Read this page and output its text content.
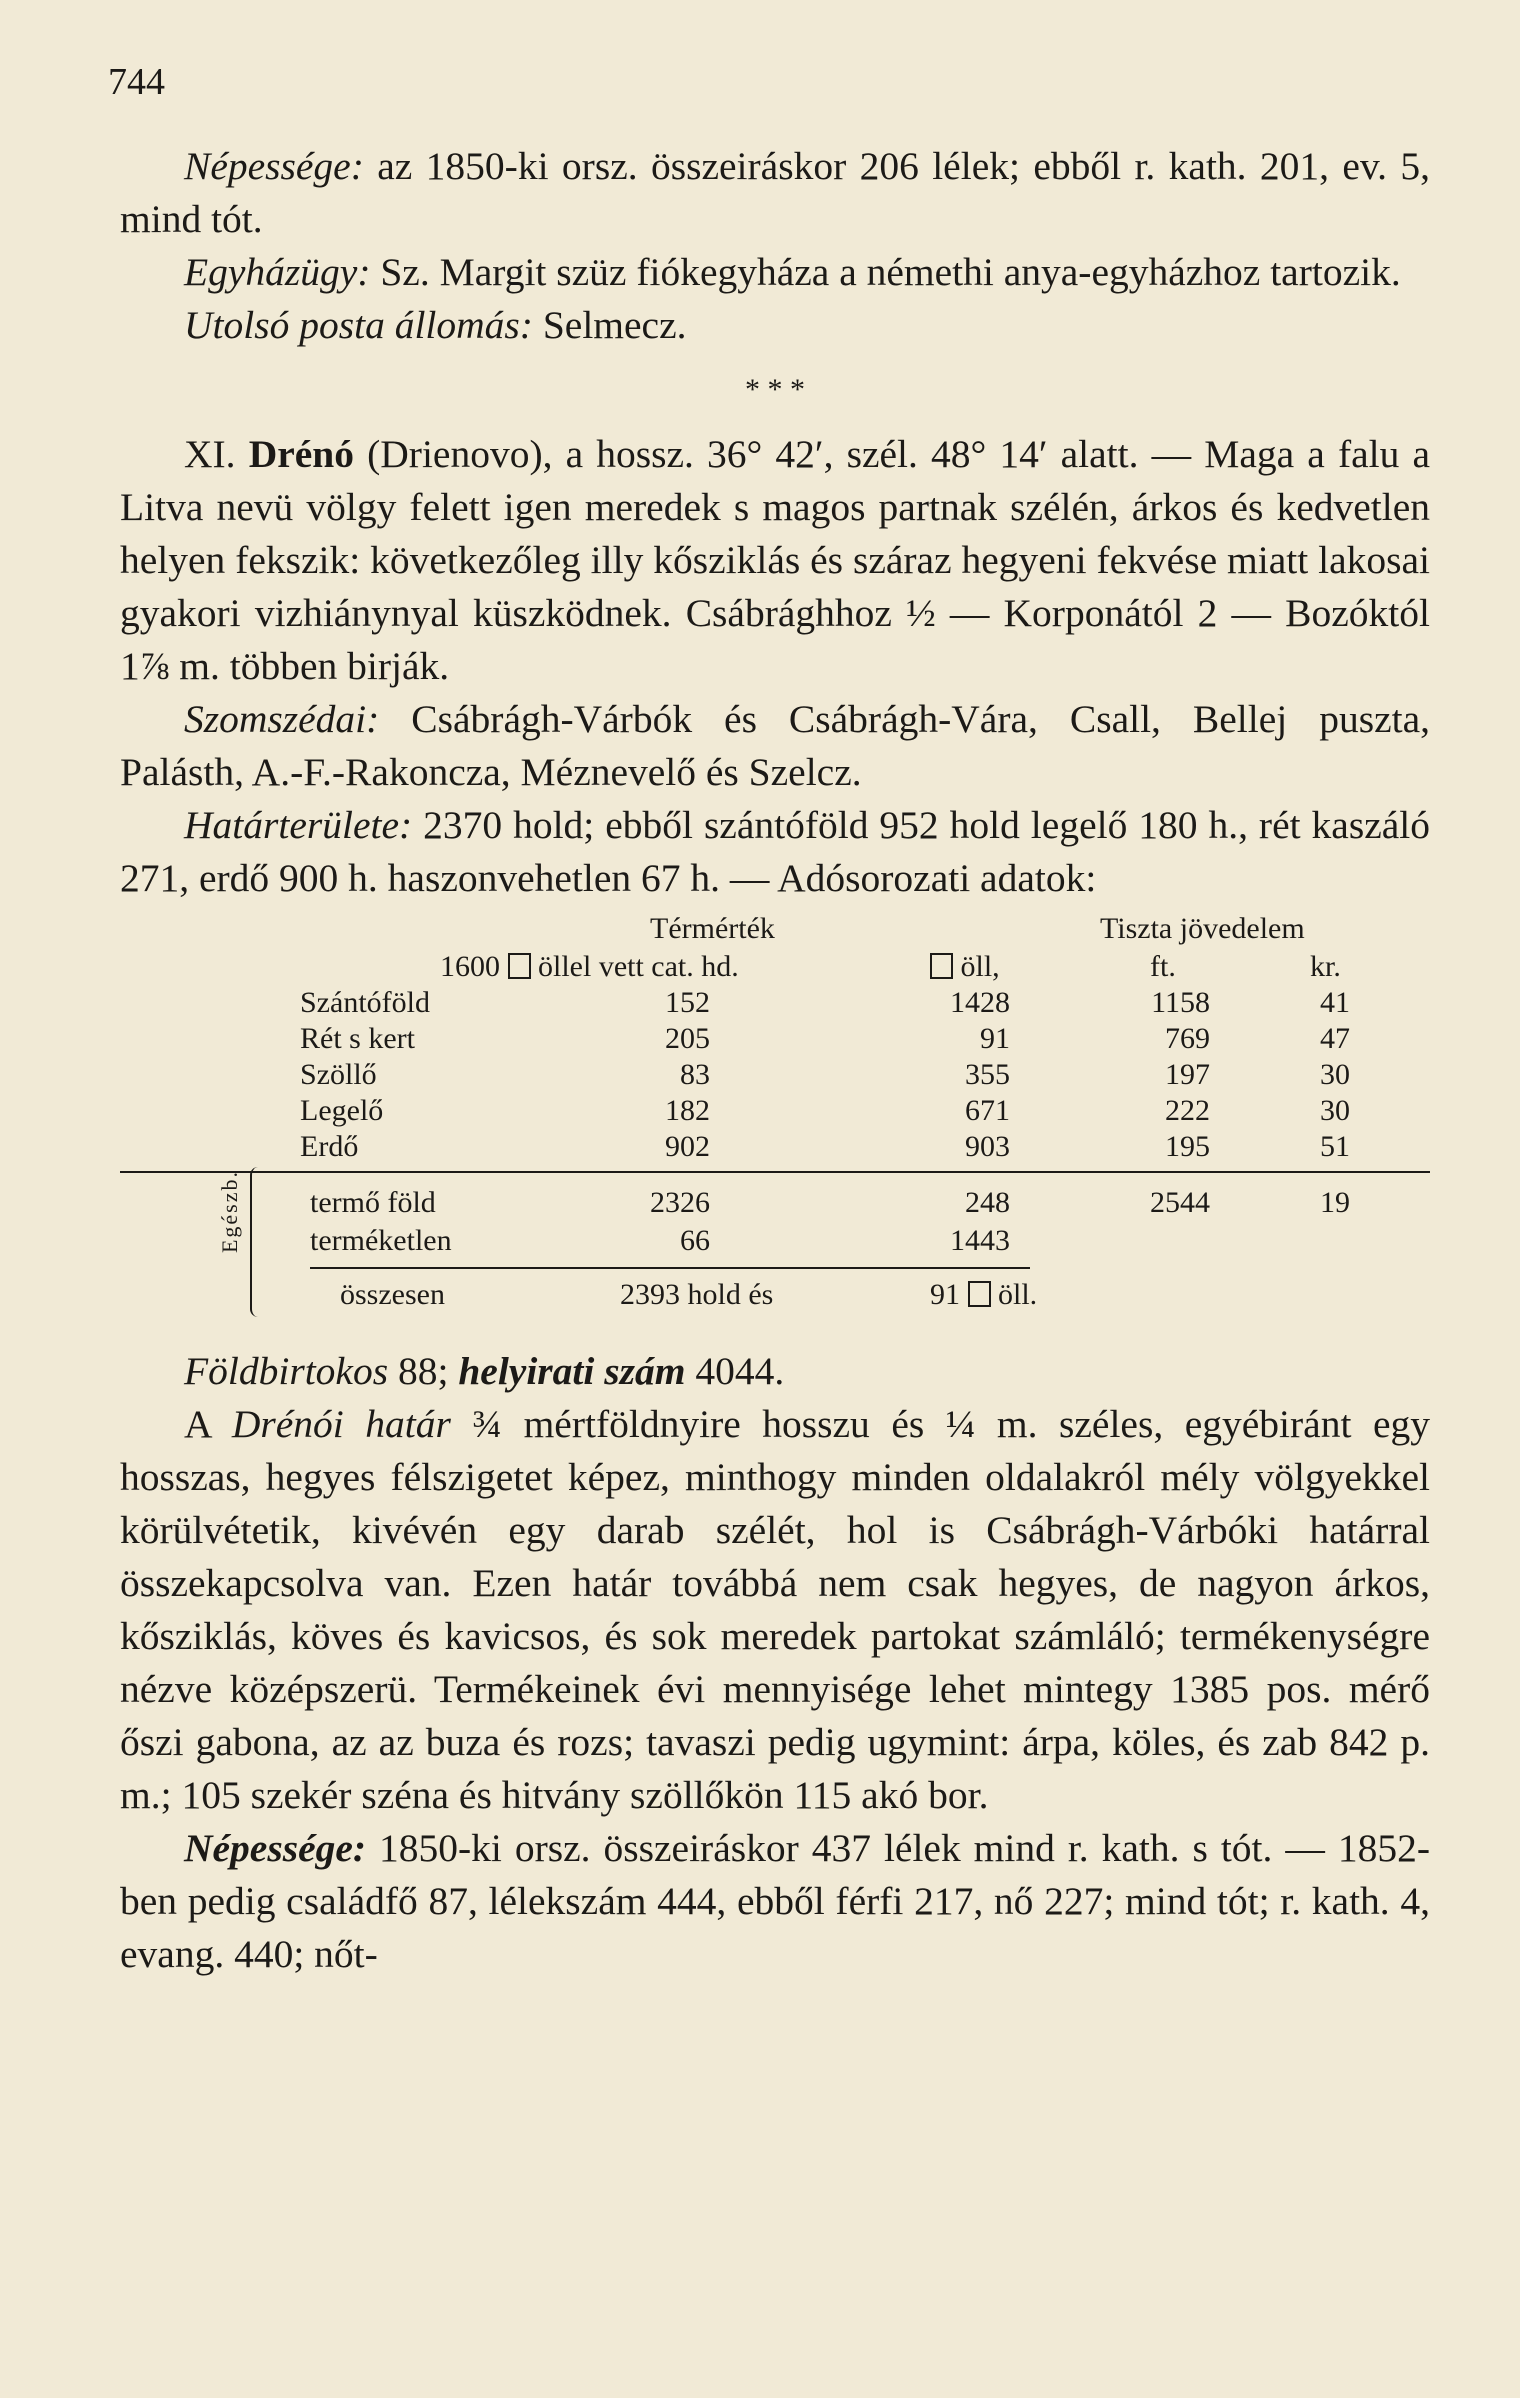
744

Népessége: az 1850-ki orsz. összeiráskor 206 lélek; ebből r. kath. 201, ev. 5, mind tót.

Egyházügy: Sz. Margit szüz fiókegyháza a némethi anya-egyházhoz tartozik.

Utolsó posta állomás: Selmecz.

* * *

XI. Drénó (Drienovo), a hossz. 36° 42′, szél. 48° 14′ alatt. — Maga a falu a Litva nevü völgy felett igen meredek s magos partnak szélén, árkos és kedvetlen helyen fekszik: következőleg illy kősziklás és száraz hegyeni fekvése miatt lakosai gyakori vizhiánynyal küszködnek. Csábrághhoz ½ — Korponától 2 — Bozóktól 1⅞ m. többen birják.

Szomszédai: Csábrágh-Várbók és Csábrágh-Vára, Csall, Bellej puszta, Palásth, A.-F.-Rakoncza, Méznevelő és Szelcz.

Határterülete: 2370 hold; ebből szántóföld 952 hold legelő 180 h., rét kaszáló 271, erdő 900 h. haszonvehetlen 67 h. — Adósorozati adatok:

Térmérték	Tiszta jövedelem
1600 öllel vett cat. hd.	öll,	ft.	kr.
Szántóföld	152	1428	1158	41
Rét s kert	205	91	769	47
Szöllő	83	355	197	30
Legelő	182	671	222	30
Erdő	902	903	195	51
Egészb. termő föld	2326	248	2544	19
terméketlen	66	1443
összesen	2393 hold és	91 öll.

Földbirtokos 88; helyirati szám 4044.

A Drénói határ ¾ mértföldnyire hosszu és ¼ m. széles, egyébiránt egy hosszas, hegyes félszigetet képez, minthogy minden oldalakról mély völgyekkel körülvétetik, kivévén egy darab szélét, hol is Csábrágh-Várbóki határral összekapcsolva van. Ezen határ továbbá nem csak hegyes, de nagyon árkos, kősziklás, köves és kavicsos, és sok meredek partokat számláló; termékenységre nézve középszerü. Termékeinek évi mennyisége lehet mintegy 1385 pos. mérő őszi gabona, az az buza és rozs; tavaszi pedig ugymint: árpa, köles, és zab 842 p. m.; 105 szekér széna és hitvány szöllőkön 115 akó bor.

Népessége: 1850-ki orsz. összeiráskor 437 lélek mind r. kath. s tót. — 1852-ben pedig családfő 87, lélekszám 444, ebből férfi 217, nő 227; mind tót; r. kath. 4, evang. 440; nőt-
